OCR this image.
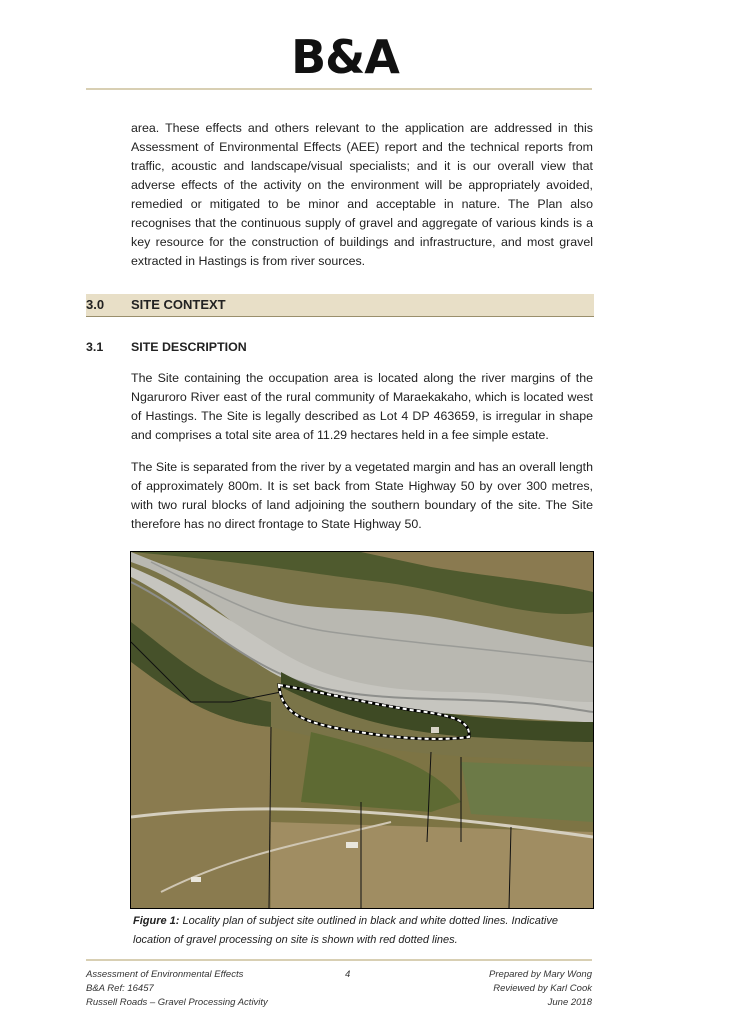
B&A
area. These effects and others relevant to the application are addressed in this Assessment of Environmental Effects (AEE) report and the technical reports from traffic, acoustic and landscape/visual specialists; and it is our overall view that adverse effects of the activity on the environment will be appropriately avoided, remedied or mitigated to be minor and acceptable in nature. The Plan also recognises that the continuous supply of gravel and aggregate of various kinds is a key resource for the construction of buildings and infrastructure, and most gravel extracted in Hastings is from river sources.
3.0 SITE CONTEXT
3.1 SITE DESCRIPTION
The Site containing the occupation area is located along the river margins of the Ngaruroro River east of the rural community of Maraekakaho, which is located west of Hastings. The Site is legally described as Lot 4 DP 463659, is irregular in shape and comprises a total site area of 11.29 hectares held in a fee simple estate.
The Site is separated from the river by a vegetated margin and has an overall length of approximately 800m. It is set back from State Highway 50 by over 300 metres, with two rural blocks of land adjoining the southern boundary of the site. The Site therefore has no direct frontage to State Highway 50.
Figure 1: Locality plan of subject site outlined in black and white dotted lines. Indicative location of gravel processing on site is shown with red dotted lines.
Assessment of Environmental Effects
B&A Ref: 16457
Russell Roads – Gravel Processing Activity
4	Prepared by Mary Wong
Reviewed by Karl Cook
June 2018
